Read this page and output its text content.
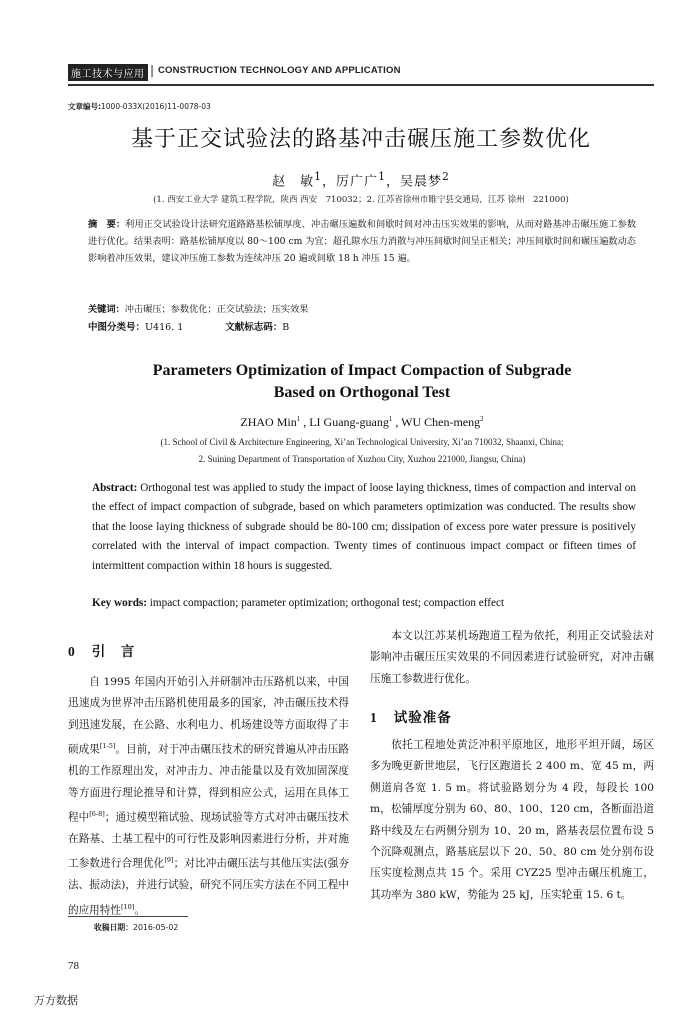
施工技术与应用 | CONSTRUCTION TECHNOLOGY AND APPLICATION
文章编号:1000-033X(2016)11-0078-03
基于正交试验法的路基冲击碾压施工参数优化
赵　敏$^1$，厉广广$^1$，吴晨梦$^2$
(1. 西安工业大学 建筑工程学院，陕西 西安　710032；2. 江苏省徐州市睢宁县交通局，江苏 徐州　221000)
摘　要：利用正交试验设计法研究道路路基松铺厚度、冲击碾压遍数和间歇时间对冲击压实效果的影响，从而对路基冲击碾压施工参数进行优化。结果表明：路基松铺厚度以 80～100 cm 为宜；超孔隙水压力消散与冲压间歇时间呈正相关；冲压间歇时间和碾压遍数动态影响着冲压效果，建议冲压施工参数为连续冲压 20 遍或间歇 18 h 冲压 15 遍。
关键词：冲击碾压；参数优化；正交试验法；压实效果
中图分类号：U416. 1	文献标志码：B
Parameters Optimization of Impact Compaction of Subgrade
Based on Orthogonal Test
ZHAO Min$^1$ , LI Guang-guang$^1$ , WU Chen-meng$^2$
(1. School of Civil & Architecture Engineering, Xi’an Technological University, Xi’an 710032, Shaanxi, China;
2. Suining Department of Transportation of Xuzhou City, Xuzhou 221000, Jiangsu, China)
Abstract: Orthogonal test was applied to study the impact of loose laying thickness, times of compaction and interval on the effect of impact compaction of subgrade, based on which parameters optimization was conducted. The results show that the loose laying thickness of subgrade should be 80-100 cm; dissipation of excess pore water pressure is positively correlated with the interval of impact compaction. Twenty times of continuous impact compact or fifteen times of intermittent compaction within 18 hours is suggested.
Key words: impact compaction; parameter optimization; orthogonal test; compaction effect
0 引　言

自 1995 年国内开始引入并研制冲击压路机以来，中国迅速成为世界冲击压路机使用最多的国家，冲击碾压技术得到迅速发展，在公路、水利电力、机场建设等方面取得了丰硕成果[1-5]。目前，对于冲击碾压技术的研究普遍从冲击压路机的工作原理出发，对冲击力、冲击能量以及有效加固深度等方面进行理论推导和计算，得到相应公式，运用在具体工程中[6-8]；通过模型箱试验、现场试验等方式对冲击碾压技术在路基、土基工程中的可行性及影响因素进行分析，并对施工参数进行合理优化[9]；对比冲击碾压法与其他压实法(强夯法、振动法)，并进行试验，研究不同压实方法在不同工程中的应用特性[10]。

本文以江苏某机场跑道工程为依托，利用正交试验法对影响冲击碾压压实效果的不同因素进行试验研究，对冲击碾压施工参数进行优化。

1 试验准备

依托工程地处黄泛冲积平原地区，地形平坦开阔，场区多为晚更新世地层，飞行区跑道长 2 400 m、宽 45 m，两侧道肩各宽 1. 5 m。将试验路划分为 4 段，每段长 100 m，松铺厚度分别为 60、80、100、120 cm，各断面沿道路中线及左右两侧分别为 10、20 m，路基表层位置布设 5 个沉降观测点，路基底层以下 20、50、80 cm 处分别布设压实度检测点共 15 个。采用 CYZ25 型冲击碾压机施工，其功率为 380 kW，势能为 25 kJ，压实轮重 15. 6 t。

收稿日期：2016-05-02
78
万方数据
